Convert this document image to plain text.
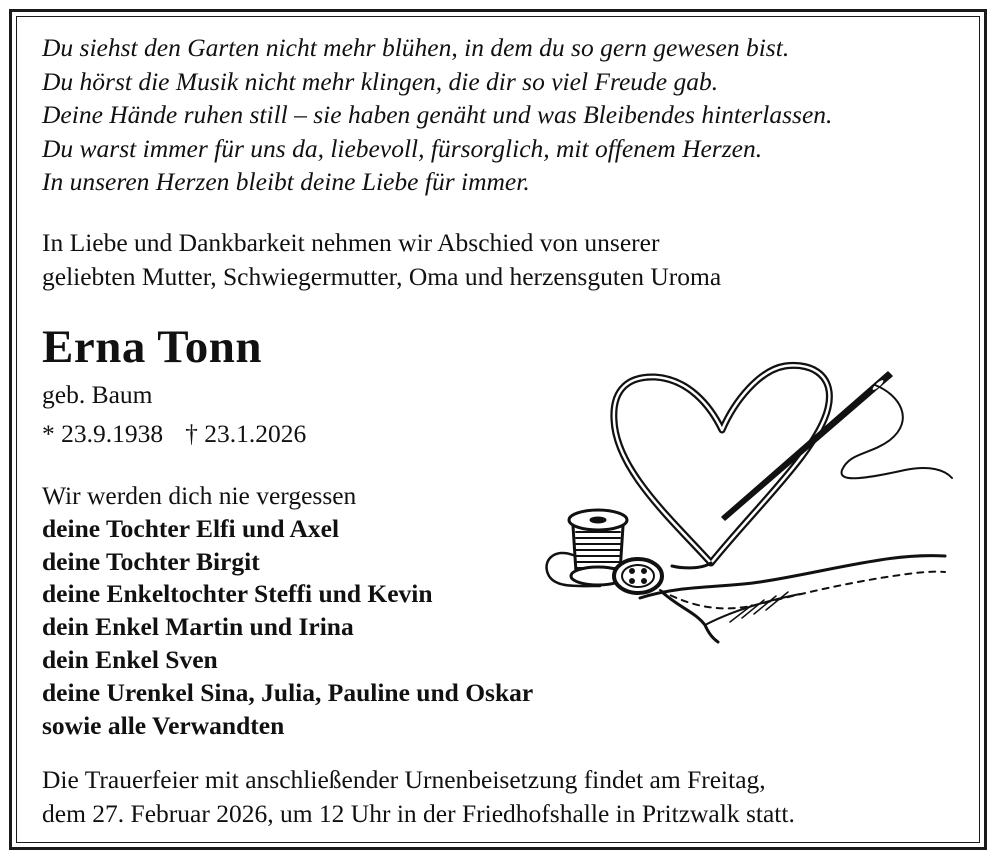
Du siehst den Garten nicht mehr blühen, in dem du so gern gewesen bist.
Du hörst die Musik nicht mehr klingen, die dir so viel Freude gab.
Deine Hände ruhen still – sie haben genäht und was Bleibendes hinterlassen.
Du warst immer für uns da, liebevoll, fürsorglich, mit offenem Herzen.
In unseren Herzen bleibt deine Liebe für immer.
In Liebe und Dankbarkeit nehmen wir Abschied von unserer
geliebten Mutter, Schwiegermutter, Oma und herzensguten Uroma
Erna Tonn
geb. Baum
* 23.9.1938 † 23.1.2026
Wir werden dich nie vergessen
deine Tochter Elfi und Axel
deine Tochter Birgit
deine Enkeltochter Steffi und Kevin
dein Enkel Martin und Irina
dein Enkel Sven
deine Urenkel Sina, Julia, Pauline und Oskar
sowie alle Verwandten
Die Trauerfeier mit anschließender Urnenbeisetzung findet am Freitag,
dem 27. Februar 2026, um 12 Uhr in der Friedhofshalle in Pritzwalk statt.
